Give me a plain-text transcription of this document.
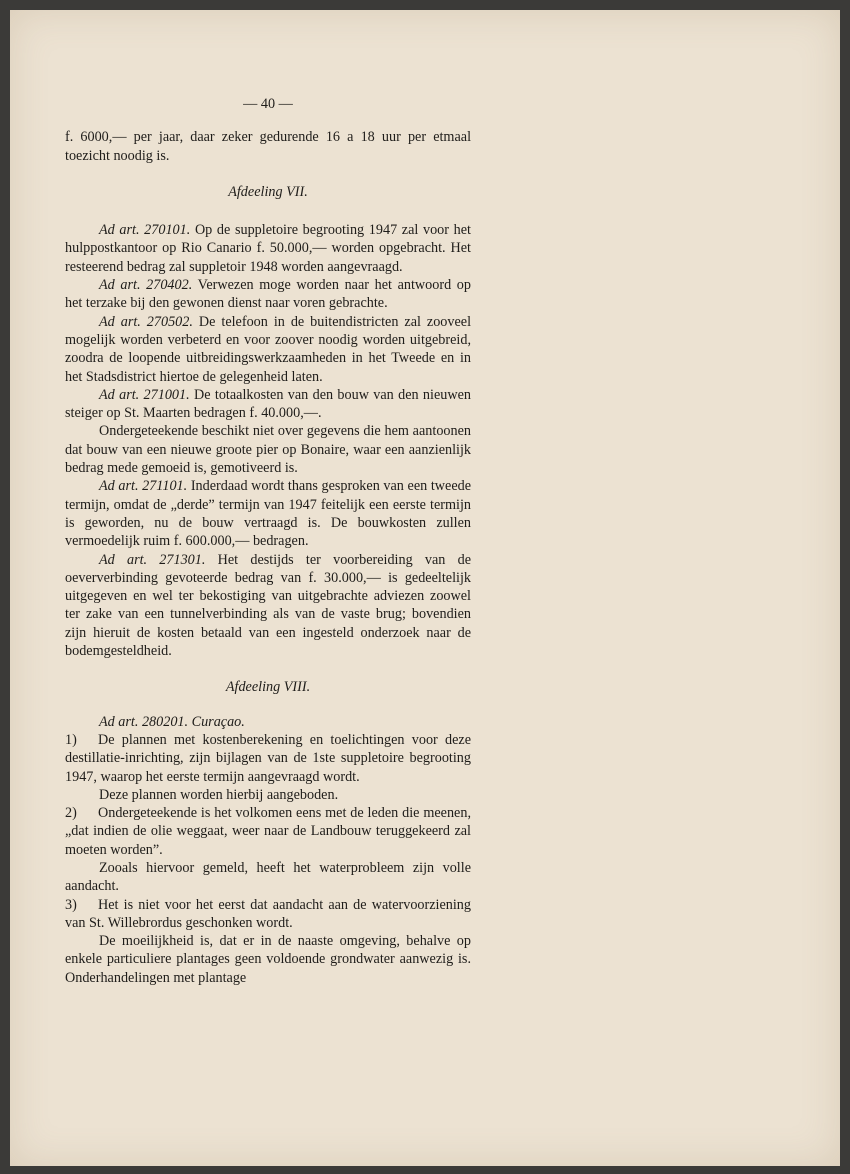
— 40 —

f. 6000,— per jaar, daar zeker gedurende 16 a 18 uur per etmaal toezicht noodig is.

Afdeeling VII.

Ad art. 270101. Op de suppletoire begrooting 1947 zal voor het hulppostkantoor op Rio Canario f. 50.000,— worden opgebracht. Het resteerend bedrag zal suppletoir 1948 worden aangevraagd.

Ad art. 270402. Verwezen moge worden naar het antwoord op het terzake bij den gewonen dienst naar voren gebrachte.

Ad art. 270502. De telefoon in de buitendistricten zal zooveel mogelijk worden verbeterd en voor zoover noodig worden uitgebreid, zoodra de loopende uitbreidingswerkzaamheden in het Tweede en in het Stadsdistrict hiertoe de gelegenheid laten.

Ad art. 271001. De totaalkosten van den bouw van den nieuwen steiger op St. Maarten bedragen f. 40.000,—.

Ondergeteekende beschikt niet over gegevens die hem aantoonen dat bouw van een nieuwe groote pier op Bonaire, waar een aanzienlijk bedrag mede gemoeid is, gemotiveerd is.

Ad art. 271101. Inderdaad wordt thans gesproken van een tweede termijn, omdat de „derde” termijn van 1947 feitelijk een eerste termijn is geworden, nu de bouw vertraagd is. De bouwkosten zullen vermoedelijk ruim f. 600.000,— bedragen.

Ad art. 271301. Het destijds ter voorbereiding van de oeververbinding gevoteerde bedrag van f. 30.000,— is gedeeltelijk uitgegeven en wel ter bekostiging van uitgebrachte adviezen zoowel ter zake van een tunnelverbinding als van de vaste brug; bovendien zijn hieruit de kosten betaald van een ingesteld onderzoek naar de bodemgesteldheid.

Afdeeling VIII.

Ad art. 280201. Curaçao.

1) De plannen met kostenberekening en toelichtingen voor deze destillatie-inrichting, zijn bijlagen van de 1ste suppletoire begrooting 1947, waarop het eerste termijn aangevraagd wordt.

Deze plannen worden hierbij aangeboden.

2) Ondergeteekende is het volkomen eens met de leden die meenen, „dat indien de olie weggaat, weer naar de Landbouw teruggekeerd zal moeten worden”.

Zooals hiervoor gemeld, heeft het waterprobleem zijn volle aandacht.

3) Het is niet voor het eerst dat aandacht aan de watervoorziening van St. Willebrordus geschonken wordt.

De moeilijkheid is, dat er in de naaste omgeving, behalve op enkele particuliere plantages geen voldoende grondwater aanwezig is. Onderhandelingen met plantage
